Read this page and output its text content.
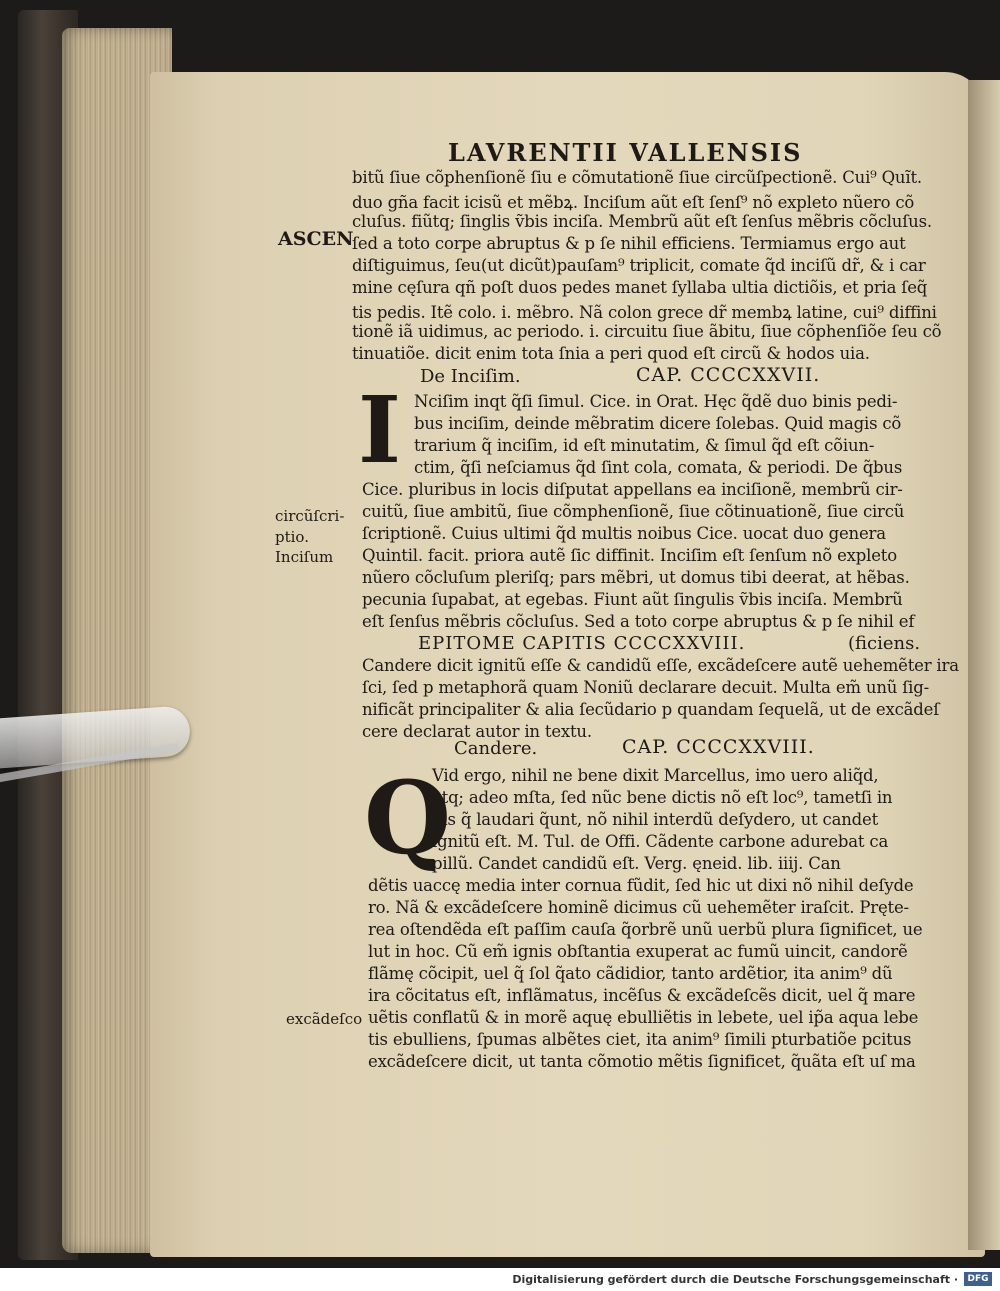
LAVRENTII VALLENSIS
ASCEN
circũſcri-
ptio.
Inciſum
excãdeſco
bitũ ſiue cõphenſionẽ ſiu e cõmutationẽ ſiue circũſpectionẽ. Cui⁹ Quĩt.
duo gña facit icisũ et mẽbꝝ. Inciſum aũt eſt ſenſ⁹ nõ expleto nũero cõ
cluſus. fiũtq; ſinglis ṽbis inciſa. Membrũ aũt eſt ſenſus mẽbris cõcluſus.
ſed a toto corpe abruptus & p ſe nihil efficiens. Termiamus ergo aut
diſtiguimus, ſeu(ut dicũt)pauſam⁹ triplicit, comate q̃d inciſũ dr̃, & i car
mine cęſura qñ poſt duos pedes manet ſyllaba ultia dictiõis, et pria ſeq̃
tis pedis. Itẽ colo. i. mẽbro. Nã colon grece dr̃ membꝝ latine, cui⁹ diffini
tionẽ iã uidimus, ac periodo. i. circuitu ſiue ãbitu, ſiue cõphenſiõe ſeu cõ
tinuatiõe. dicit enim tota ſnia a peri quod eſt circũ & hodos uia.
De Inciſim.	CAP. CCCCXXVII.
I Nciſim inqt q̃ſi ſimul. Cice. in Orat. Hęc q̃dẽ duo binis pedi-
bus inciſim, deinde mẽbratim dicere ſolebas. Quid magis cõ
trarium q̃ inciſim, id eſt minutatim, & ſimul q̃d eſt cõiun-
ctim, q̃ſi neſciamus q̃d ſint cola, comata, & periodi. De q̃bus
Cice. pluribus in locis diſputat appellans ea inciſionẽ, membrũ cir-
cuitũ, ſiue ambitũ, ſiue cõmphenſionẽ, ſiue cõtinuationẽ, ſiue circũ
ſcriptionẽ. Cuius ultimi q̃d multis noibus Cice. uocat duo genera
Quintil. facit. priora autẽ ſic diffinit. Inciſim eſt ſenſum nõ expleto
nũero cõcluſum pleriſq; pars mẽbri, ut domus tibi deerat, at hẽbas.
pecunia ſupabat, at egebas. Fiunt aũt ſingulis ṽbis inciſa. Membrũ
eſt ſenſus mẽbris cõcluſus. Sed a toto corpe abruptus & p ſe nihil ef
EPITOME CAPITIS CCCCXXVIII.	(ficiens.
Candere dicit ignitũ eſſe & candidũ eſſe, excãdeſcere autẽ uehemẽter ira
ſci, ſed p metaphorã quam Noniũ declarare decuit. Multa em̃ unũ ſig-
nificãt principaliter & alia ſecũdario p quandam ſequelã, ut de excãdeſ
cere declarat autor in textu.
Candere.	CAP. CCCCXXVIII.
Q
Vid ergo, nihil ne bene dixit Marcellus, imo uero aliq̃d,
atq; adeo mſta, ſed nũc bene dictis nõ eſt loc⁹, tametſi in
his q̃ laudari q̃unt, nõ nihil interdũ deſydero, ut candet
ignitũ eſt. M. Tul. de Offi. Cãdente carbone adurebat ca
pillũ. Candet candidũ eſt. Verg. ęneid. lib. iiij. Can
dẽtis uaccę media inter cornua fũdit, ſed hic ut dixi nõ nihil deſyde
ro. Nã & excãdeſcere hominẽ dicimus cũ uehemẽter iraſcit. Pręte-
rea oſtendẽda eſt paſſim cauſa q̃orbrẽ unũ uerbũ plura ſignificet, ue
lut in hoc. Cũ em̃ ignis obſtantia exuperat ac fumũ uincit, candorẽ
flãmę cõcipit, uel q̃ ſol q̃ato cãdidior, tanto ardẽtior, ita anim⁹ dũ
ira cõcitatus eſt, inflãmatus, incẽſus & excãdeſcẽs dicit, uel q̃ mare
uẽtis conflatũ & in morẽ aquę ebulliẽtis in lebete, uel ip̃a aqua lebe
tis ebulliens, ſpumas albẽtes ciet, ita anim⁹ ſimili pturbatiõe pcitus
excãdeſcere dicit, ut tanta cõmotio mẽtis ſignificet, q̃uãta eſt uſ ma
Digitalisierung gefördert durch die Deutsche Forschungsgemeinschaft ·	DFG
